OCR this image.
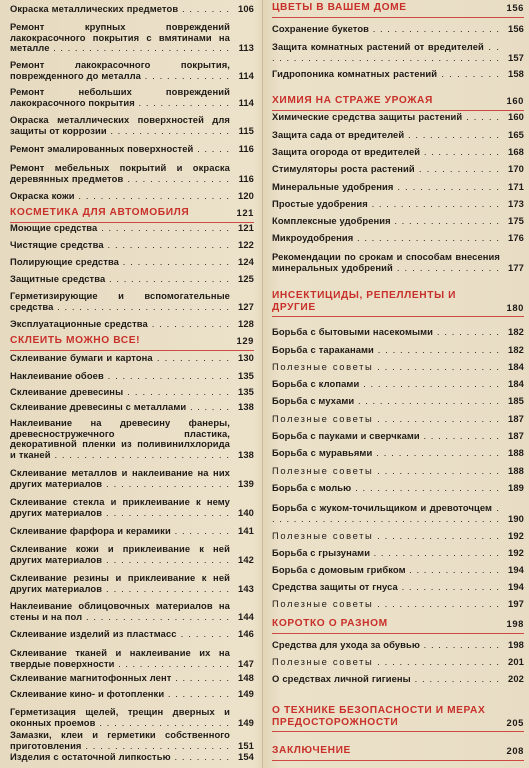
Окраска металлических предметов . . .	106
Ремонт крупных повреждений лакокрасочного покрытия с вмятинами на металле . . .	113
Ремонт лакокрасочного покрытия, поврежденного до металла . . .	114
Ремонт небольших повреждений лакокрасочного покрытия . . .	114
Окраска металлических поверхностей для защиты от коррозии . . .	115
Ремонт эмалированных поверхностей . . .	116
Ремонт мебельных покрытий и окраска деревянных предметов . . .	116
Окраска кожи . . .	120
КОСМЕТИКА ДЛЯ АВТОМОБИЛЯ	121
Моющие средства . . .	121
Чистящие средства . . .	122
Полирующие средства . . .	124
Защитные средства . . .	125
Герметизирующие и вспомогательные средства . . .	127
Эксплуатационные средства . . .	128
СКЛЕИТЬ МОЖНО ВСЕ!	129
Склеивание бумаги и картона . . .	130
Наклеивание обоев . . .	135
Склеивание древесины . . .	135
Склеивание древесины с металлами . . .	138
Наклеивание на древесину фанеры, древесностружечного пластика, декоративной пленки из поливинилхлорида и тканей . . .	138
Склеивание металлов и наклеивание на них других материалов . . .	139
Склеивание стекла и приклеивание к нему других материалов . . .	140
Склеивание фарфора и керамики . . .	141
Склеивание кожи и приклеивание к ней других материалов . . .	142
Склеивание резины и приклеивание к ней других материалов . . .	143
Наклеивание облицовочных материалов на стены и на пол . . .	144
Склеивание изделий из пластмасс . . .	146
Склеивание тканей и наклеивание их на твердые поверхности . . .	147
Склеивание магнитофонных лент . . .	148
Склеивание кино- и фотопленки . . .	149
Герметизация щелей, трещин дверных и оконных проемов . . .	149
Замазки, клеи и герметики собственного приготовления . . .	151
Изделия с остаточной липкостью . . .	154
ЦВЕТЫ В ВАШЕМ ДОМЕ	156
Сохранение букетов . . .	156
Защита комнатных растений от вредителей . . .
157
Гидропоника комнатных растений . . .	158
ХИМИЯ НА СТРАЖЕ УРОЖАЯ	160
Химические средства защиты растений . . .	160
Защита сада от вредителей . . .	165
Защита огорода от вредителей . . .	168
Стимуляторы роста растений . . .	170
Минеральные удобрения . . .	171
Простые удобрения . . .	173
Комплексные удобрения . . .	175
Микроудобрения . . .	176
Рекомендации по срокам и способам внесения минеральных удобрений . . .	177
ИНСЕКТИЦИДЫ, РЕПЕЛЛЕНТЫ И ДРУГИЕ	180
Борьба с бытовыми насекомыми . . .	182
Борьба с тараканами . . .	182
Полезные советы . . .	184
Борьба с клопами . . .	184
Борьба с мухами . . .	185
Полезные советы . . .	187
Борьба с пауками и сверчками . . .	187
Борьба с муравьями . . .	188
Полезные советы . . .	188
Борьба с молью . . .	189
Борьба с жуком-точильщиком и древоточцем . . .
190
Полезные советы . . .	192
Борьба с грызунами . . .	192
Борьба с домовым грибком . . .	194
Средства защиты от гнуса . . .	194
Полезные советы . . .	197
КОРОТКО О РАЗНОМ	198
Средства для ухода за обувью . . .	198
Полезные советы . . .	201
О средствах личной гигиены . . .	202
О ТЕХНИКЕ БЕЗОПАСНОСТИ И МЕРАХ ПРЕДОСТОРОЖНОСТИ	205
ЗАКЛЮЧЕНИЕ	208
